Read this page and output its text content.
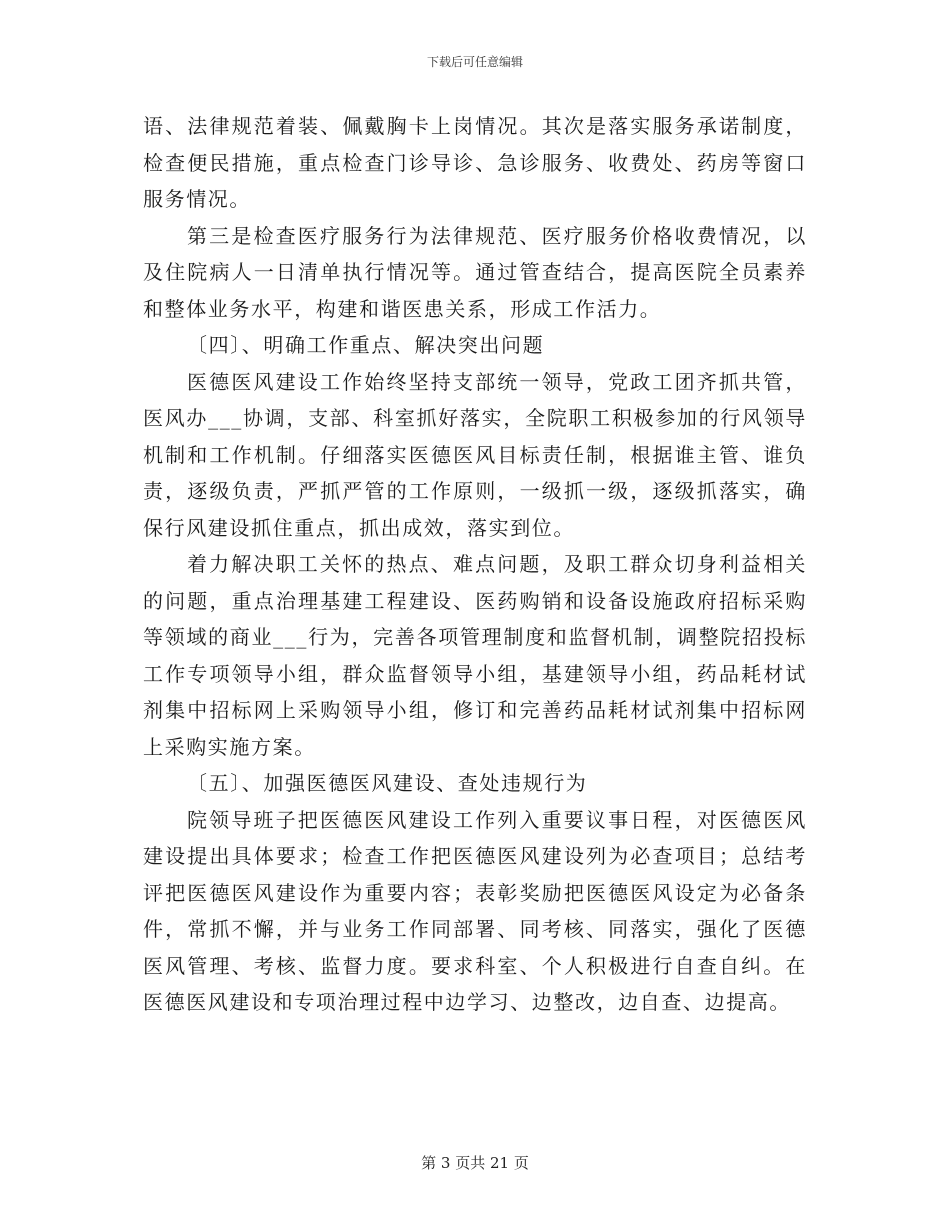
下载后可任意编辑

语、法律规范着装、佩戴胸卡上岗情况。其次是落实服务承诺制度，检查便民措施，重点检查门诊导诊、急诊服务、收费处、药房等窗口服务情况。

第三是检查医疗服务行为法律规范、医疗服务价格收费情况，以及住院病人一日清单执行情况等。通过管查结合，提高医院全员素养和整体业务水平，构建和谐医患关系，形成工作活力。

〔四〕、明确工作重点、解决突出问题

医德医风建设工作始终坚持支部统一领导，党政工团齐抓共管，医风办___协调，支部、科室抓好落实，全院职工积极参加的行风领导机制和工作机制。仔细落实医德医风目标责任制，根据谁主管、谁负责，逐级负责，严抓严管的工作原则，一级抓一级，逐级抓落实，确保行风建设抓住重点，抓出成效，落实到位。

着力解决职工关怀的热点、难点问题，及职工群众切身利益相关的问题，重点治理基建工程建设、医药购销和设备设施政府招标采购等领域的商业___行为，完善各项管理制度和监督机制，调整院招投标工作专项领导小组，群众监督领导小组，基建领导小组，药品耗材试剂集中招标网上采购领导小组，修订和完善药品耗材试剂集中招标网上采购实施方案。

〔五〕、加强医德医风建设、查处违规行为

院领导班子把医德医风建设工作列入重要议事日程，对医德医风建设提出具体要求；检查工作把医德医风建设列为必查项目；总结考评把医德医风建设作为重要内容；表彰奖励把医德医风设定为必备条件，常抓不懈，并与业务工作同部署、同考核、同落实，强化了医德医风管理、考核、监督力度。要求科室、个人积极进行自查自纠。在医德医风建设和专项治理过程中边学习、边整改，边自查、边提高。

第 3 页共 21 页
